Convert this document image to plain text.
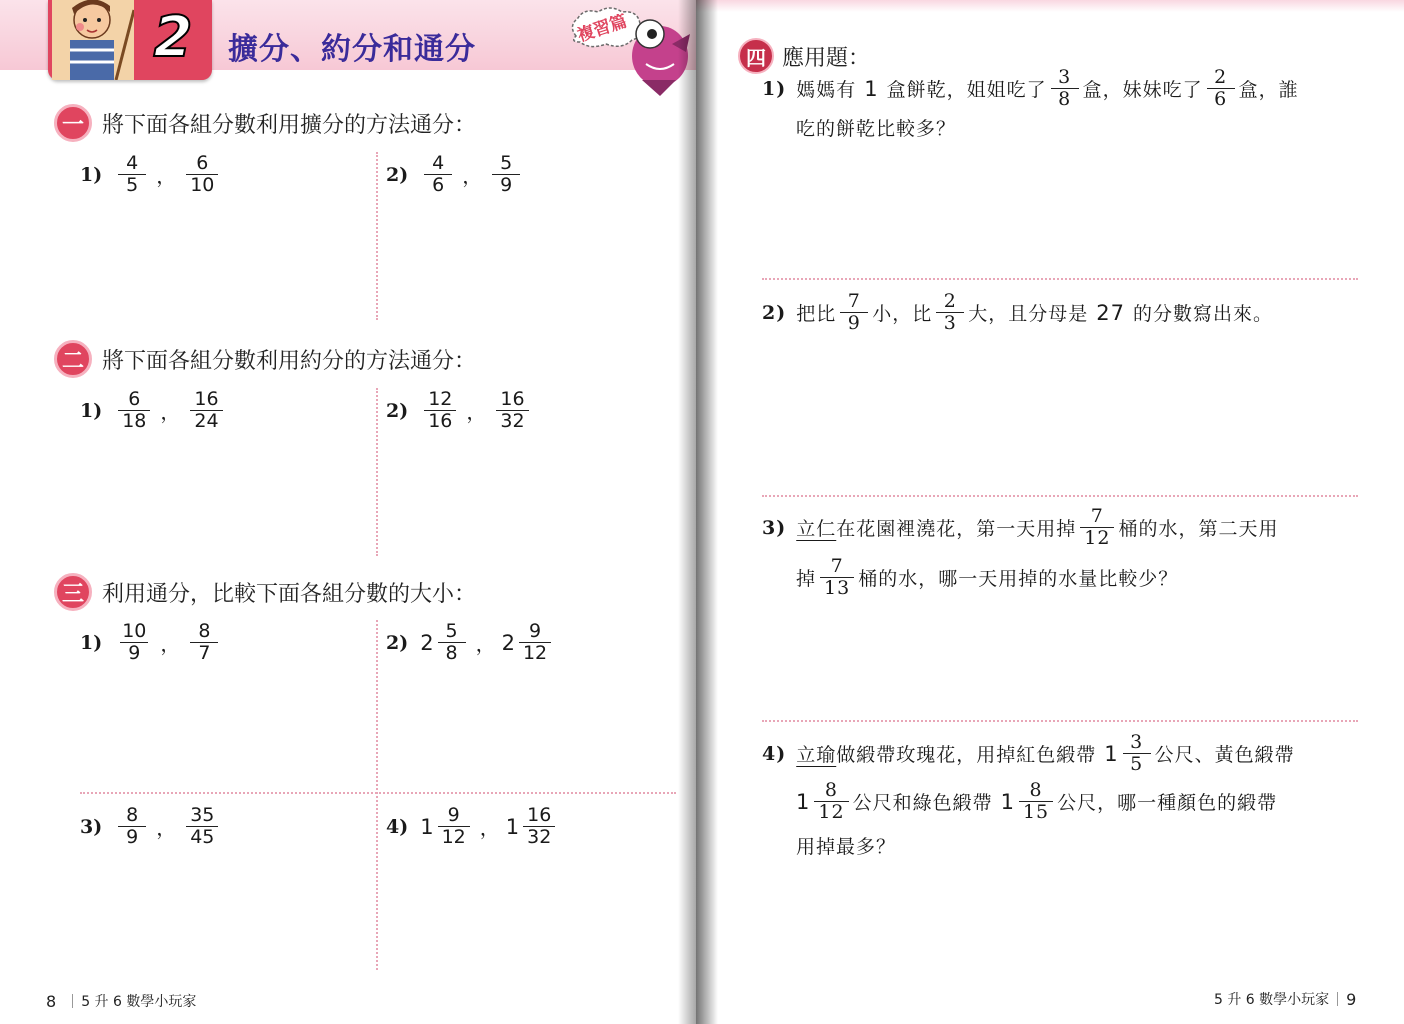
2	擴分、約分和通分
複習篇
一 將下面各組分數利用擴分的方法通分：
$1) \frac{4}{5}$ ， $\frac{6}{10}$	$2) \frac{4}{6}$ ， $\frac{5}{9}$
二 將下面各組分數利用約分的方法通分：
$1) \frac{6}{18}$ ， $\frac{16}{24}$	$2) \frac{12}{16}$ ， $\frac{16}{32}$
三 利用通分，比較下面各組分數的大小：
$1) \frac{10}{9}$ ， $\frac{8}{7}$	2) $2 \frac{5}{8}$ ， $2 \frac{9}{12}$
$3) \frac{8}{9}$ ， $\frac{35}{45}$	4) $1 \frac{9}{12}$ ， $1 \frac{16}{32}$
8 5 升 6 數學小玩家
四 應用題：
1) 媽媽有 1 盒餅乾，姐姐吃了 $\frac{3}{8}$ 盒，妹妹吃了 $\frac{2}{6}$ 盒，誰
吃的餅乾比較多？
2) 把比 $\frac{7}{9}$ 小，比 $\frac{2}{3}$ 大，且分母是 27 的分數寫出來。
3) 立仁 在花園裡澆花，第一天用掉 $\frac{7}{12}$ 桶的水，第二天用
掉 $\frac{7}{13}$ 桶的水，哪一天用掉的水量比較少？
4) 立瑜 做緞帶玫瑰花，用掉紅色緞帶 $1 \frac{3}{5}$ 公尺、黃色緞帶
$1 \frac{8}{12}$ 公尺和綠色緞帶 $1 \frac{8}{15}$ 公尺，哪一種顏色的緞帶
用掉最多？
5 升 6 數學小玩家 9
